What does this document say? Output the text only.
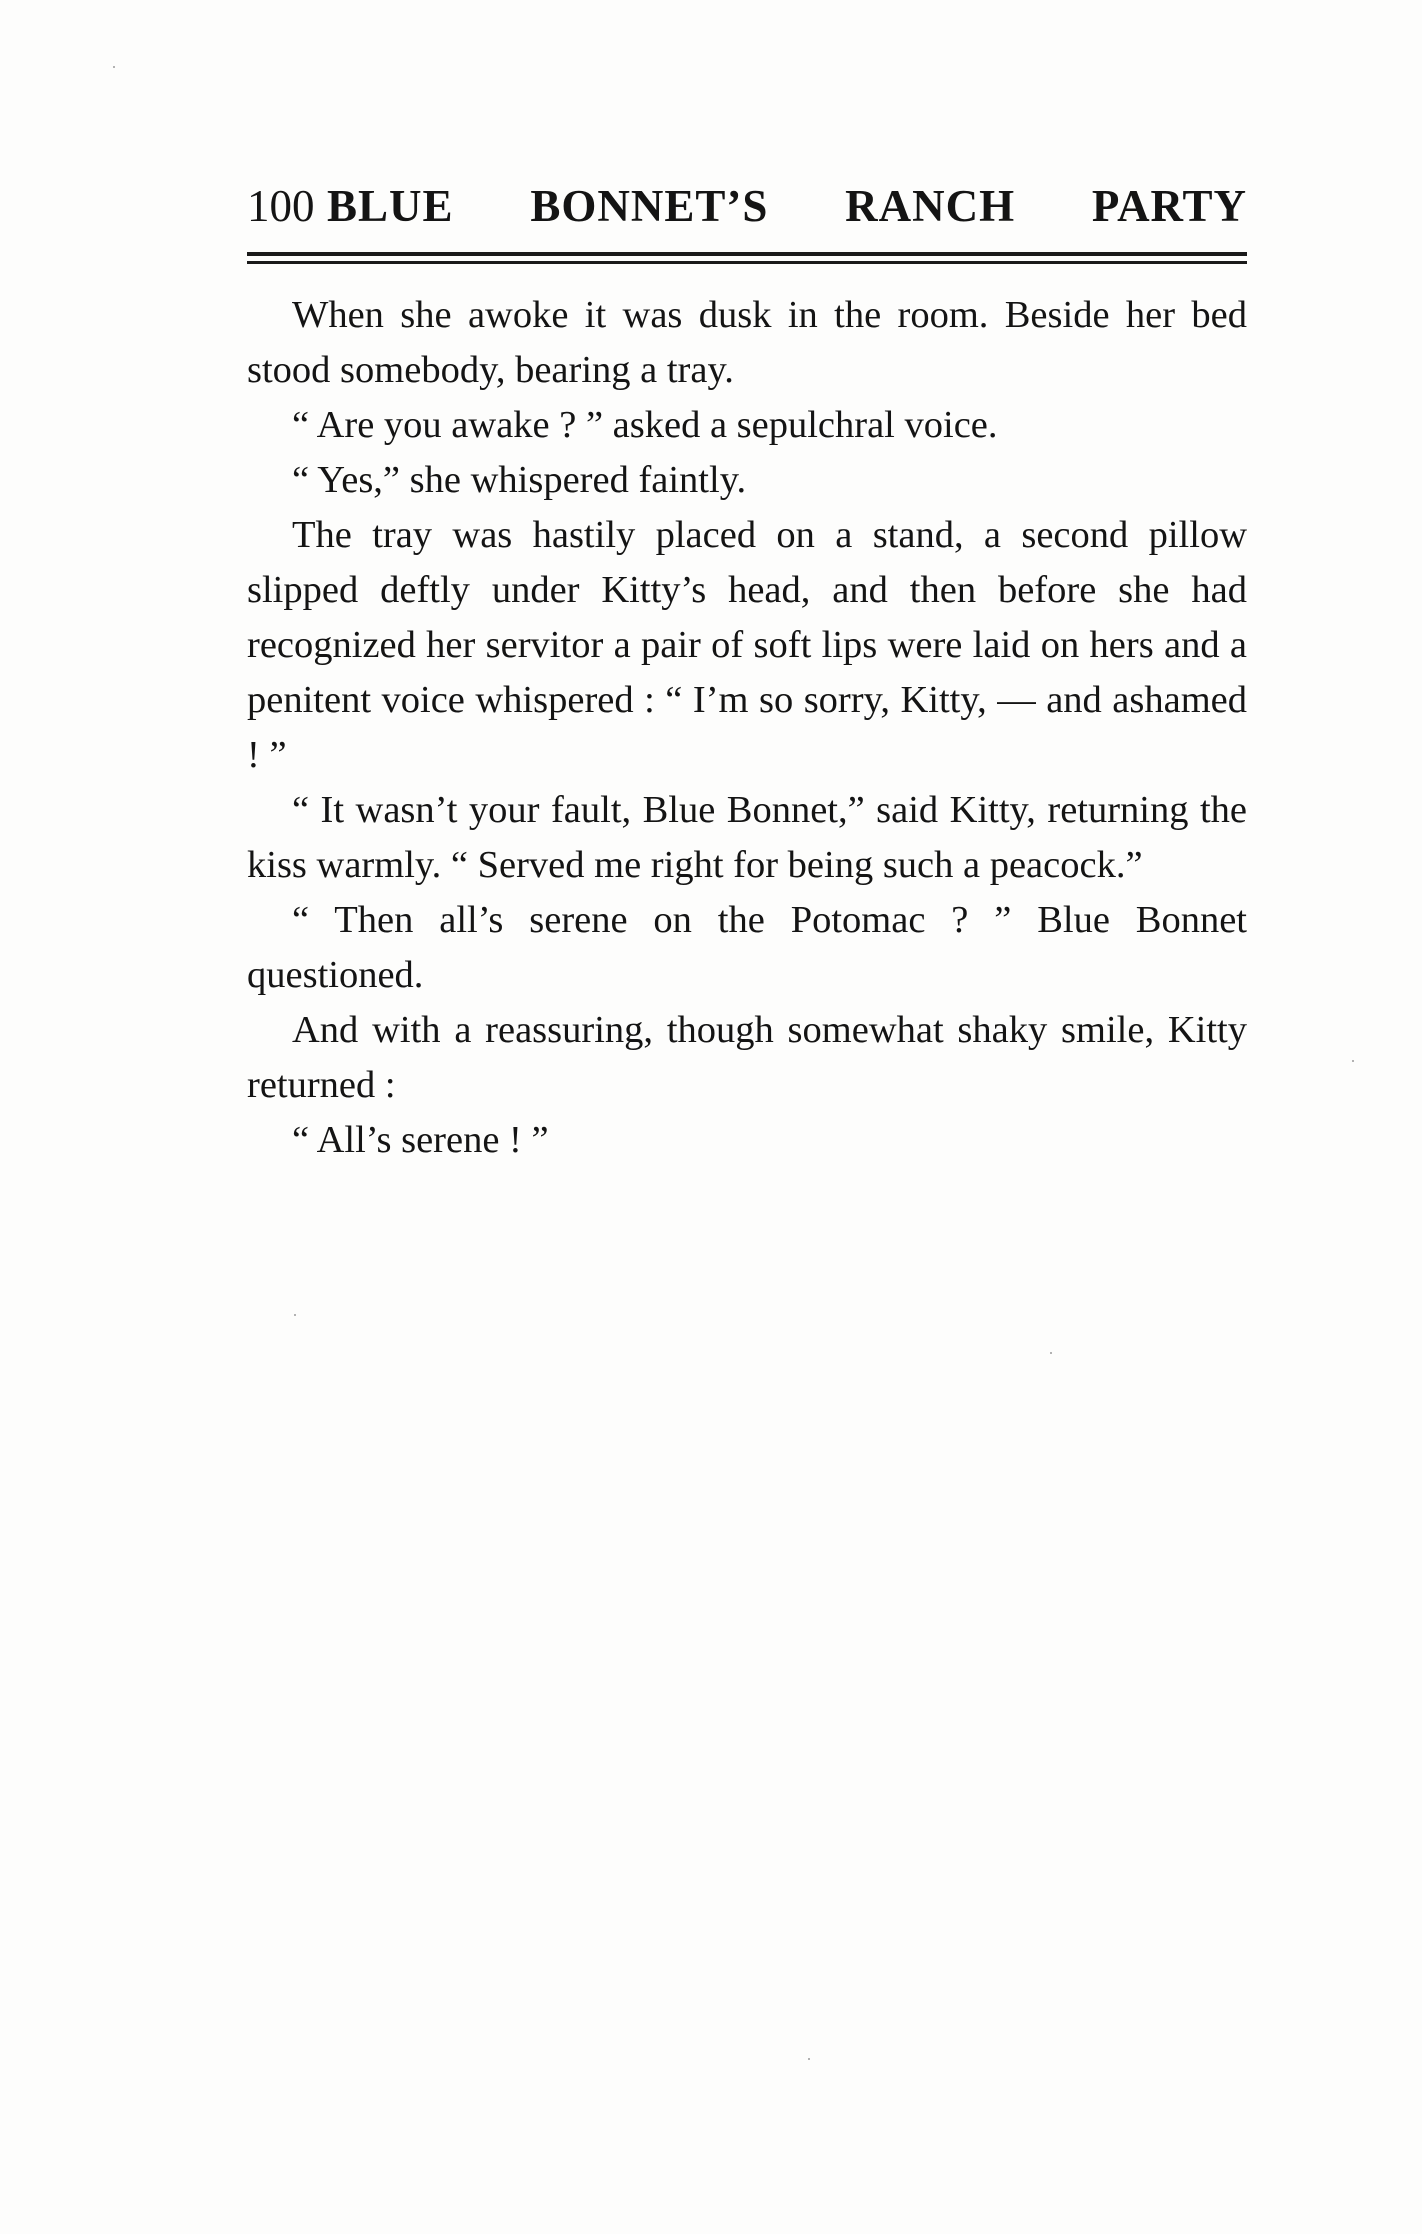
100 BLUE BONNET’S RANCH PARTY

When she awoke it was dusk in the room. Beside her bed stood somebody, bearing a tray.

“ Are you awake ? ” asked a sepulchral voice.

“ Yes,” she whispered faintly.

The tray was hastily placed on a stand, a second pillow slipped deftly under Kitty’s head, and then before she had recognized her servitor a pair of soft lips were laid on hers and a penitent voice whispered : “ I’m so sorry, Kitty, — and ashamed ! ”

“ It wasn’t your fault, Blue Bonnet,” said Kitty, returning the kiss warmly. “ Served me right for being such a peacock.”

“ Then all’s serene on the Potomac ? ” Blue Bonnet questioned.

And with a reassuring, though somewhat shaky smile, Kitty returned :

“ All’s serene ! ”
